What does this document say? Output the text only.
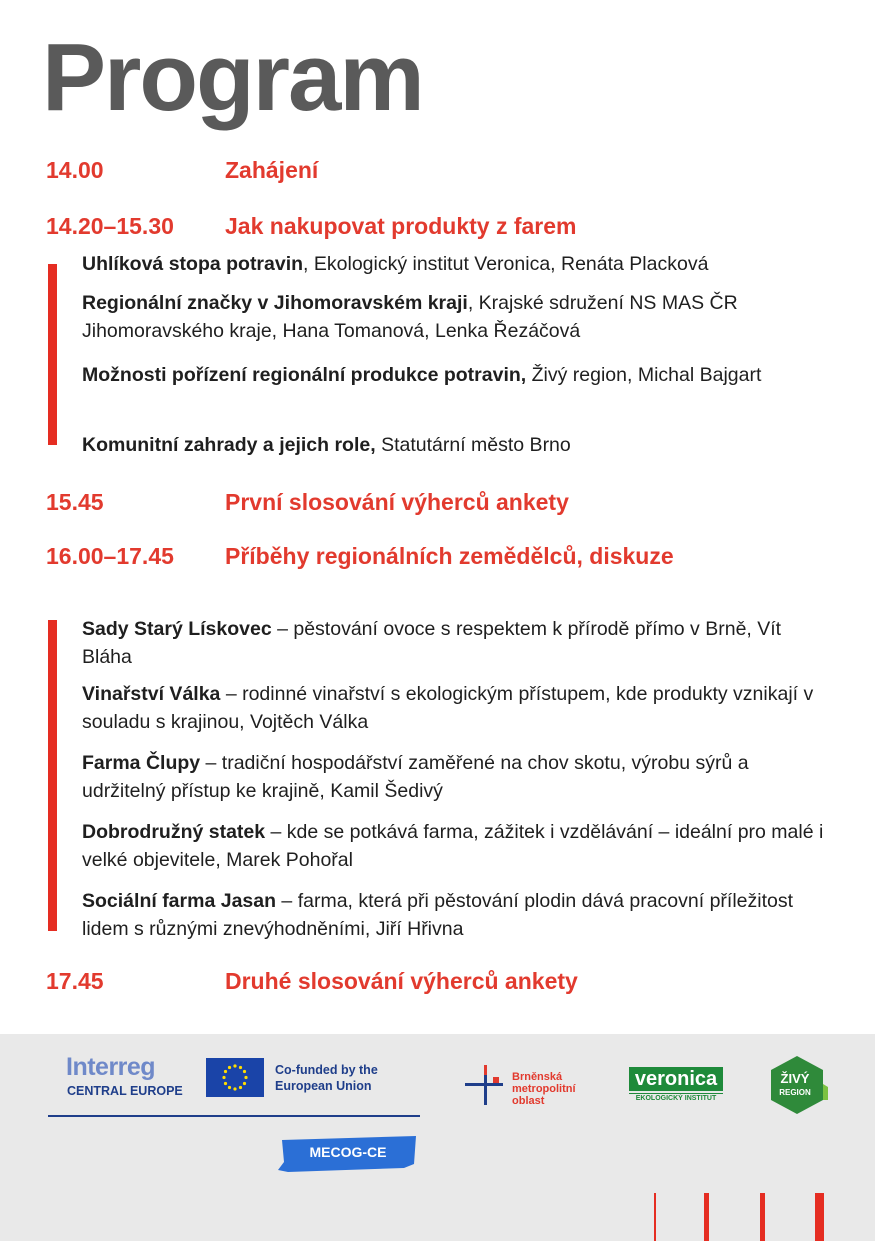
Program
14.00	Zahájení
14.20–15.30 Jak nakupovat produkty z farem
Uhlíková stopa potravin, Ekologický institut Veronica, Renáta Placková
Regionální značky v Jihomoravském kraji, Krajské sdružení NS MAS ČR Jihomoravského kraje, Hana Tomanová, Lenka Řezáčová
Možnosti pořízení regionální produkce potravin, Živý region, Michal Bajgart
Komunitní zahrady a jejich role, Statutární město Brno
15.45	První slosování výherců ankety
16.00–17.45 Příběhy regionálních zemědělců, diskuze
Sady Starý Lískovec – pěstování ovoce s respektem k přírodě přímo v Brně, Vít Bláha
Vinařství Válka – rodinné vinařství s ekologickým přístupem, kde produkty vznikají v souladu s krajinou, Vojtěch Válka
Farma Člupy – tradiční hospodářství zaměřené na chov skotu, výrobu sýrů a udržitelný přístup ke krajině, Kamil Šedivý
Dobrodružný statek – kde se potkává farma, zážitek i vzdělávání – ideální pro malé i velké objevitele, Marek Pohořal
Sociální farma Jasan – farma, která při pěstování plodin dává pracovní příležitost lidem s různými znevýhodněními, Jiří Hřivna
17.45	Druhé slosování výherců ankety
Interreg
CENTRAL EUROPE
Co-funded by the European Union
MECOG-CE
Brněnská metropolitní oblast
veronica
EKOLOGICKÝ INSTITUT
ŽIVÝ
REGION
